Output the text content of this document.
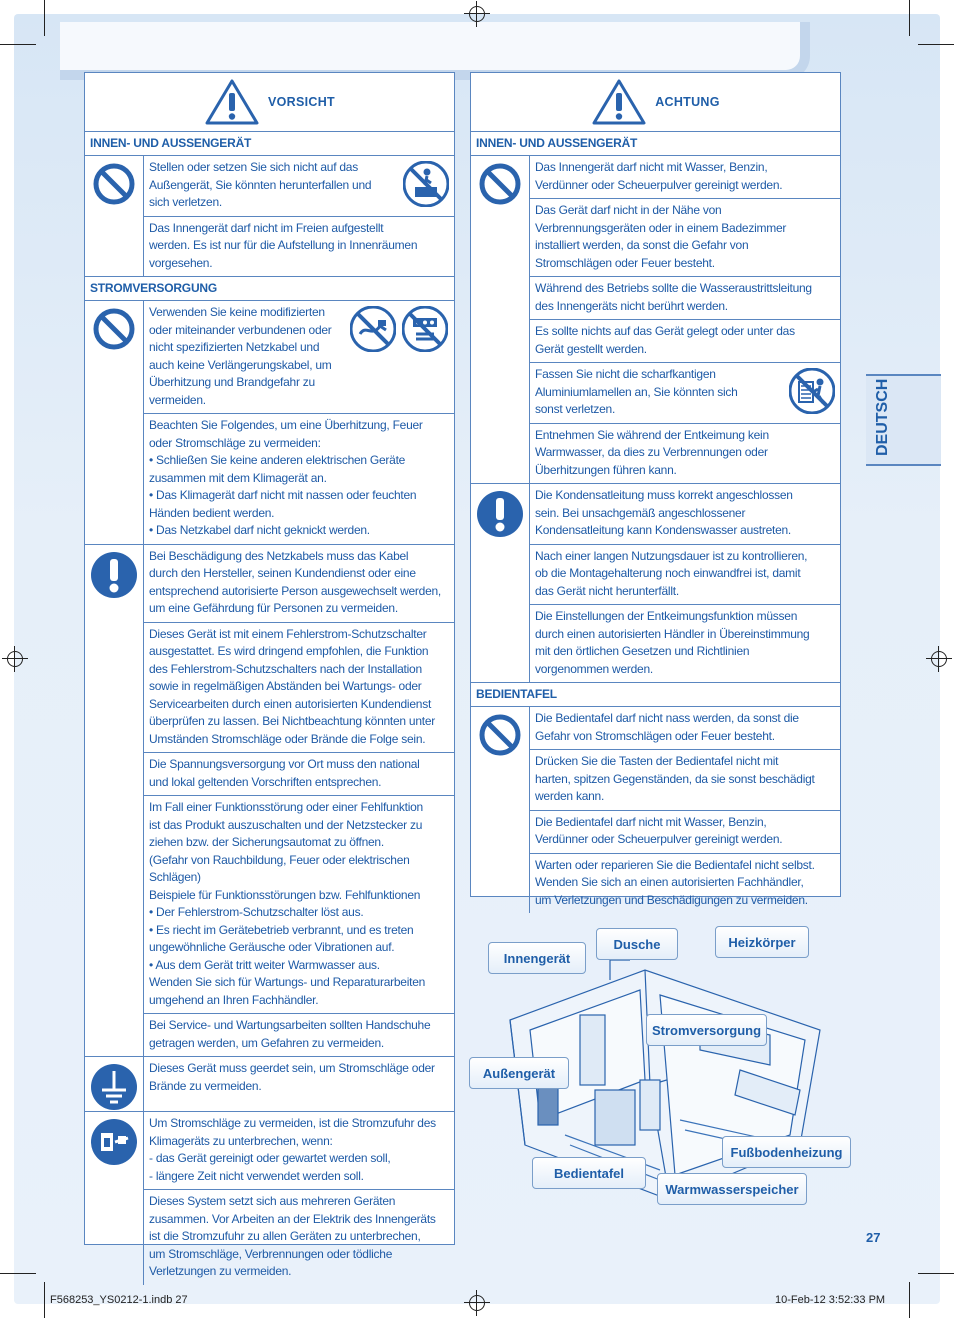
VORSICHT
INNEN- UND AUSSENGERÄT

Stellen oder setzen Sie sich nicht auf das
Außengerät, Sie könnten herunterfallen und
sich verletzen.

Das Innengerät darf nicht im Freien aufgestellt
werden. Es ist nur für die Aufstellung in Innenräumen
vorgesehen.

STROMVERSORGUNG

Verwenden Sie keine modifizierten
oder miteinander verbundenen oder
nicht spezifizierten Netzkabel und
auch keine Verlängerungskabel, um
Überhitzung und Brandgefahr zu
vermeiden.

Beachten Sie Folgendes, um eine Überhitzung, Feuer
oder Stromschläge zu vermeiden:
• Schließen Sie keine anderen elektrischen Geräte
zusammen mit dem Klimagerät an.
• Das Klimagerät darf nicht mit nassen oder feuchten
Händen bedient werden.
• Das Netzkabel darf nicht geknickt werden.

Bei Beschädigung des Netzkabels muss das Kabel
durch den Hersteller, seinen Kundendienst oder eine
entsprechend autorisierte Person ausgewechselt werden,
um eine Gefährdung für Personen zu vermeiden.

Dieses Gerät ist mit einem Fehlerstrom-Schutzschalter
ausgestattet. Es wird dringend empfohlen, die Funktion
des Fehlerstrom-Schutzschalters nach der Installation
sowie in regelmäßigen Abständen bei Wartungs- oder
Servicearbeiten durch einen autorisierten Kundendienst
überprüfen zu lassen. Bei Nichtbeachtung könnten unter
Umständen Stromschläge oder Brände die Folge sein.

Die Spannungsversorgung vor Ort muss den national
und lokal geltenden Vorschriften entsprechen.

Im Fall einer Funktionsstörung oder einer Fehlfunktion
ist das Produkt auszuschalten und der Netzstecker zu
ziehen bzw. der Sicherungsautomat zu öffnen.
(Gefahr von Rauchbildung, Feuer oder elektrischen
Schlägen)
Beispiele für Funktionsstörungen bzw. Fehlfunktionen
• Der Fehlerstrom-Schutzschalter löst aus.
• Es riecht im Gerätebetrieb verbrannt, und es treten
ungewöhnliche Geräusche oder Vibrationen auf.
• Aus dem Gerät tritt weiter Warmwasser aus.
Wenden Sie sich für Wartungs- und Reparaturarbeiten
umgehend an Ihren Fachhändler.

Bei Service- und Wartungsarbeiten sollten Handschuhe
getragen werden, um Gefahren zu vermeiden.

Dieses Gerät muss geerdet sein, um Stromschläge oder
Brände zu vermeiden.

Um Stromschläge zu vermeiden, ist die Stromzufuhr des
Klimageräts zu unterbrechen, wenn:
- das Gerät gereinigt oder gewartet werden soll,
- längere Zeit nicht verwendet werden soll.

Dieses System setzt sich aus mehreren Geräten
zusammen. Vor Arbeiten an der Elektrik des Innengeräts
ist die Stromzufuhr zu allen Geräten zu unterbrechen,
um Stromschläge, Verbrennungen oder tödliche
Verletzungen zu vermeiden.

ACHTUNG
INNEN- UND AUSSENGERÄT

Das Innengerät darf nicht mit Wasser, Benzin,
Verdünner oder Scheuerpulver gereinigt werden.

Das Gerät darf nicht in der Nähe von
Verbrennungsgeräten oder in einem Badezimmer
installiert werden, da sonst die Gefahr von
Stromschlägen oder Feuer besteht.

Während des Betriebs sollte die Wasseraustrittsleitung
des Innengeräts nicht berührt werden.

Es sollte nichts auf das Gerät gelegt oder unter das
Gerät gestellt werden.

Fassen Sie nicht die scharfkantigen
Aluminiumlamellen an, Sie könnten sich
sonst verletzen.

Entnehmen Sie während der Entkeimung kein
Warmwasser, da dies zu Verbrennungen oder
Überhitzungen führen kann.

Die Kondensatleitung muss korrekt angeschlossen
sein. Bei unsachgemäß angeschlossener
Kondensatleitung kann Kondenswasser austreten.

Nach einer langen Nutzungsdauer ist zu kontrollieren,
ob die Montagehalterung noch einwandfrei ist, damit
das Gerät nicht herunterfällt.

Die Einstellungen der Entkeimungsfunktion müssen
durch einen autorisierten Händler in Übereinstimmung
mit den örtlichen Gesetzen und Richtlinien
vorgenommen werden.

BEDIENTAFEL

Die Bedientafel darf nicht nass werden, da sonst die
Gefahr von Stromschlägen oder Feuer besteht.

Drücken Sie die Tasten der Bedientafel nicht mit
harten, spitzen Gegenständen, da sie sonst beschädigt
werden kann.

Die Bedientafel darf nicht mit Wasser, Benzin,
Verdünner oder Scheuerpulver gereinigt werden.

Warten oder reparieren Sie die Bedientafel nicht selbst.
Wenden Sie sich an einen autorisierten Fachhändler,
um Verletzungen und Beschädigungen zu vermeiden.

DEUTSCH
Innengerät
Dusche	Heizkörper
Stromversorgung
Außengerät
Bedientafel
Fußbodenheizung
Warmwasserspeicher
27
F568253_YS0212-1.indb 27	10-Feb-12 3:52:33 PM
